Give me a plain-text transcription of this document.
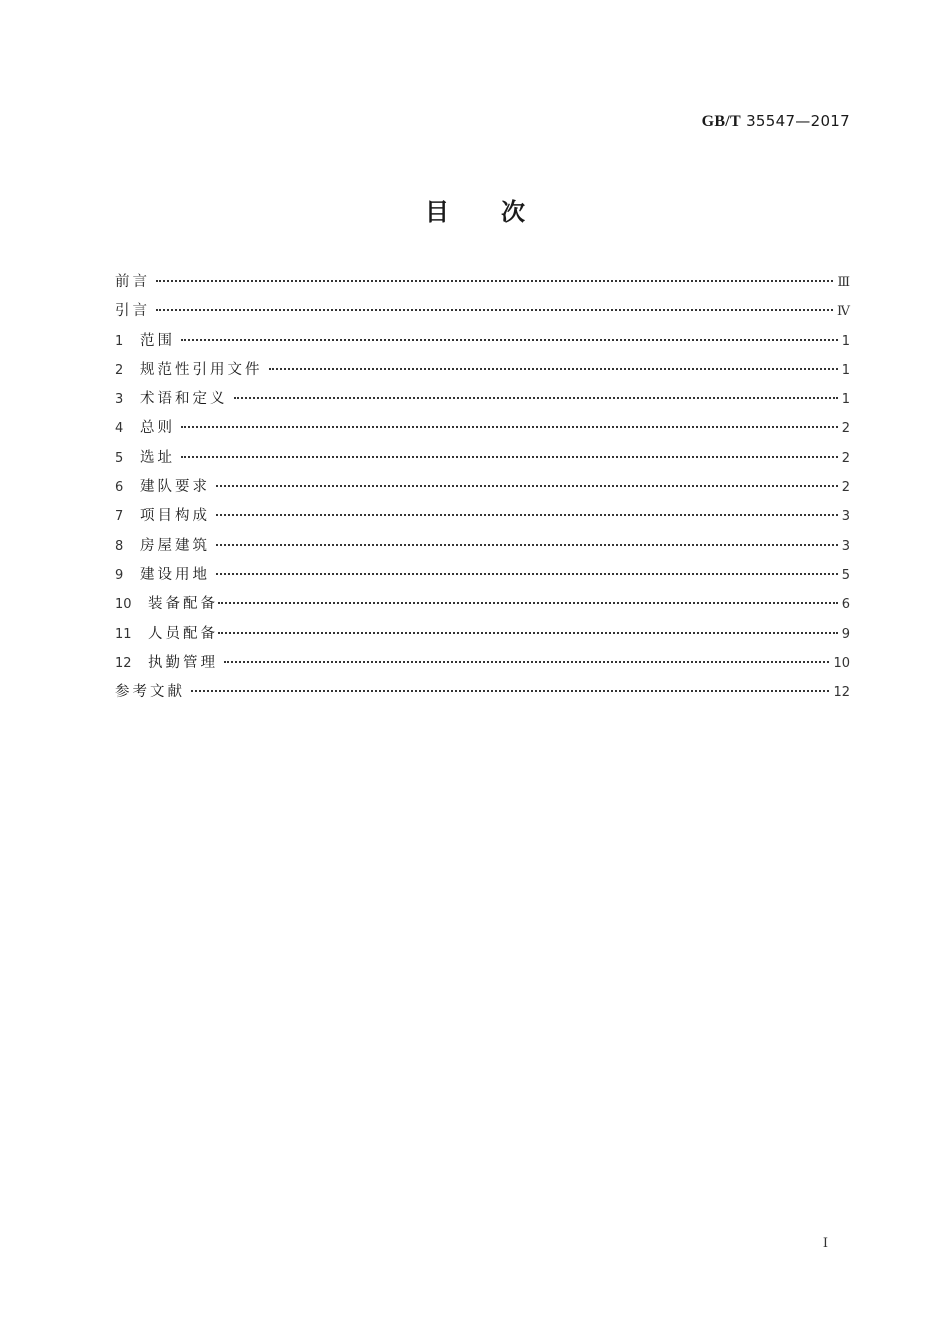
GB/T 35547—2017
目次
前言	Ⅲ
引言	Ⅳ
1	范围	1
2	规范性引用文件	1
3	术语和定义	1
4	总则	2
5	选址	2
6	建队要求	2
7	项目构成	3
8	房屋建筑	3
9	建设用地	5
10	装备配备	6
11	人员配备	9
12	执勤管理	10
参考文献	12
I
